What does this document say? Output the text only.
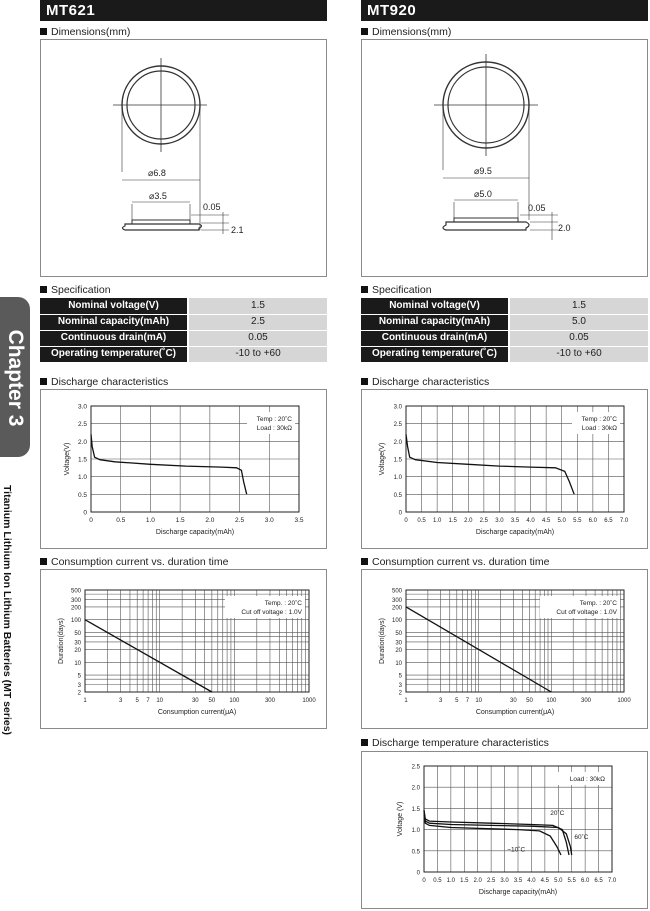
Chapter 3
Titanium Lithium Ion Lithium Batteries (MT series)
MT621
Dimensions(mm)
⌀6.8
⌀3.5
0.05
2.1
Specification
Nominal voltage(V)	1.5
Nominal capacity(mAh)	2.5
Continuous drain(mA)	0.05
Operating temperature(˚C)	-10 to +60
Discharge characteristics
0	0.5	1.0	1.5	2.0	2.5	3.0	3.5
0
0.5
1.0
1.5
2.0
2.5
3.0
Discharge capacity(mAh)
Voltage(V)
Temp : 20˚C
Load : 30kΩ
Consumption current vs. duration time
1	3 5 7 10	30 50 100	300	1000
2
3
5
10
20
30
50
100
200
300
500
Consumption current(μA)
Duration(days)
Temp. : 20˚C
Cut off voltage : 1.0V
MT920
Dimensions(mm)
⌀9.5
⌀5.0
0.05
2.0
Specification
Nominal voltage(V)	1.5
Nominal capacity(mAh)	5.0
Continuous drain(mA)	0.05
Operating temperature(˚C)	-10 to +60
Discharge characteristics
0 0.5 1.0 1.5 2.0 2.5 3.0 3.5 4.0 4.5 5.0 5.5 6.0 6.5 7.0
0
0.5
1.0
1.5
2.0
2.5
3.0
Discharge capacity(mAh)
Voltage(V)
Temp : 20˚C
Load : 30kΩ
Consumption current vs. duration time
1	3 5 7 10	30 50 100	300	1000
2
3
5
10
20
30
50
100
200
300
500
Consumption current(μA)
Duration(days)
Temp. : 20˚C
Cut off voltage : 1.0V
Discharge temperature characteristics
0 0.5 1.0 1.5 2.0 2.5 3.0 3.5 4.0 4.5 5.0 5.5 6.0 6.5 7.0
0
0.5
1.0
1.5
2.0
2.5
Discharge capacity(mAh)
Voltage (V)
Load : 30kΩ
20˚C
60˚C
−10˚C
